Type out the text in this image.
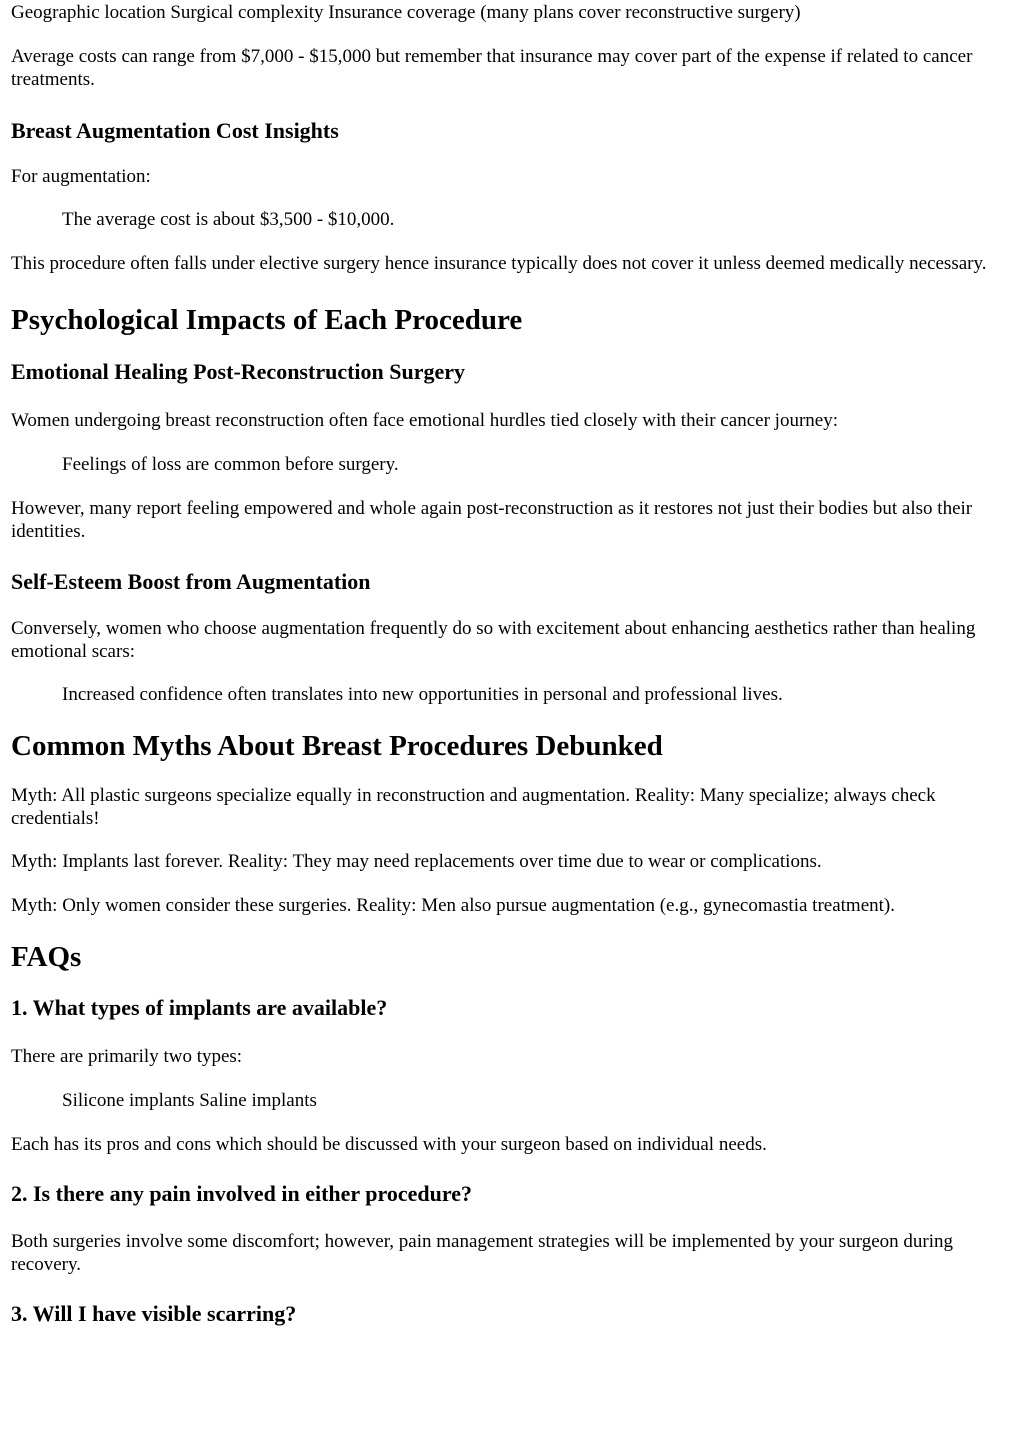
Geographic location Surgical complexity Insurance coverage (many plans cover reconstructive surgery)

Average costs can range from $7,000 - $15,000 but remember that insurance may cover part of the expense if related to cancer treatments.

Breast Augmentation Cost Insights

For augmentation:

The average cost is about $3,500 - $10,000.

This procedure often falls under elective surgery hence insurance typically does not cover it unless deemed medically necessary.

Psychological Impacts of Each Procedure
Emotional Healing Post-Reconstruction Surgery

Women undergoing breast reconstruction often face emotional hurdles tied closely with their cancer journey:

Feelings of loss are common before surgery.

However, many report feeling empowered and whole again post-reconstruction as it restores not just their bodies but also their identities.

Self-Esteem Boost from Augmentation

Conversely, women who choose augmentation frequently do so with excitement about enhancing aesthetics rather than healing emotional scars:

Increased confidence often translates into new opportunities in personal and professional lives.
Common Myths About Breast Procedures Debunked

Myth: All plastic surgeons specialize equally in reconstruction and augmentation. Reality: Many specialize; always check credentials!

Myth: Implants last forever. Reality: They may need replacements over time due to wear or complications.

Myth: Only women consider these surgeries. Reality: Men also pursue augmentation (e.g., gynecomastia treatment).

FAQs
1. What types of implants are available?

There are primarily two types:

Silicone implants Saline implants

Each has its pros and cons which should be discussed with your surgeon based on individual needs.

2. Is there any pain involved in either procedure?

Both surgeries involve some discomfort; however, pain management strategies will be implemented by your surgeon during recovery.

3. Will I have visible scarring?
